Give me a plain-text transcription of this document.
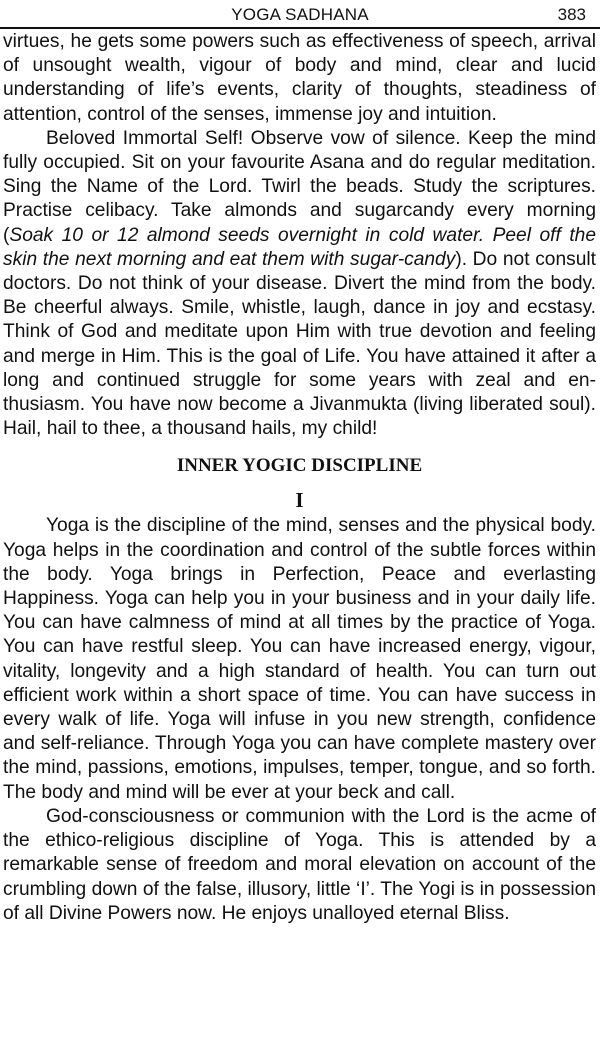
YOGA SADHANA	383

virtues, he gets some powers such as effectiveness of speech, arrival of unsought wealth, vigour of body and mind, clear and lucid understanding of life’s events, clarity of thoughts, steadiness of attention, control of the senses, immense joy and intuition.

Beloved Immortal Self! Observe vow of silence. Keep the mind fully occupied. Sit on your favourite Asana and do regular meditation. Sing the Name of the Lord. Twirl the beads. Study the scriptures. Practise celibacy. Take almonds and sugarcandy every morning (Soak 10 or 12 almond seeds overnight in cold water. Peel off the skin the next morning and eat them with sugar-candy). Do not consult doctors. Do not think of your disease. Divert the mind from the body. Be cheerful always. Smile, whistle, laugh, dance in joy and ecstasy. Think of God and meditate upon Him with true devotion and feeling and merge in Him. This is the goal of Life. You have attained it after a long and continued struggle for some years with zeal and enthusiasm. You have now become a Jivanmukta (living liberated soul). Hail, hail to thee, a thousand hails, my child!

INNER YOGIC DISCIPLINE
I

Yoga is the discipline of the mind, senses and the physical body. Yoga helps in the coordination and control of the subtle forces within the body. Yoga brings in Perfection, Peace and everlasting Happiness. Yoga can help you in your business and in your daily life. You can have calmness of mind at all times by the practice of Yoga. You can have restful sleep. You can have increased energy, vigour, vitality, longevity and a high standard of health. You can turn out efficient work within a short space of time. You can have success in every walk of life. Yoga will infuse in you new strength, confidence and self-reliance. Through Yoga you can have complete mastery over the mind, passions, emotions, impulses, temper, tongue, and so forth. The body and mind will be ever at your beck and call.

God-consciousness or communion with the Lord is the acme of the ethico-religious discipline of Yoga. This is attended by a remarkable sense of freedom and moral elevation on account of the crumbling down of the false, illusory, little ‘I’. The Yogi is in possession of all Divine Powers now. He enjoys unalloyed eternal Bliss.
